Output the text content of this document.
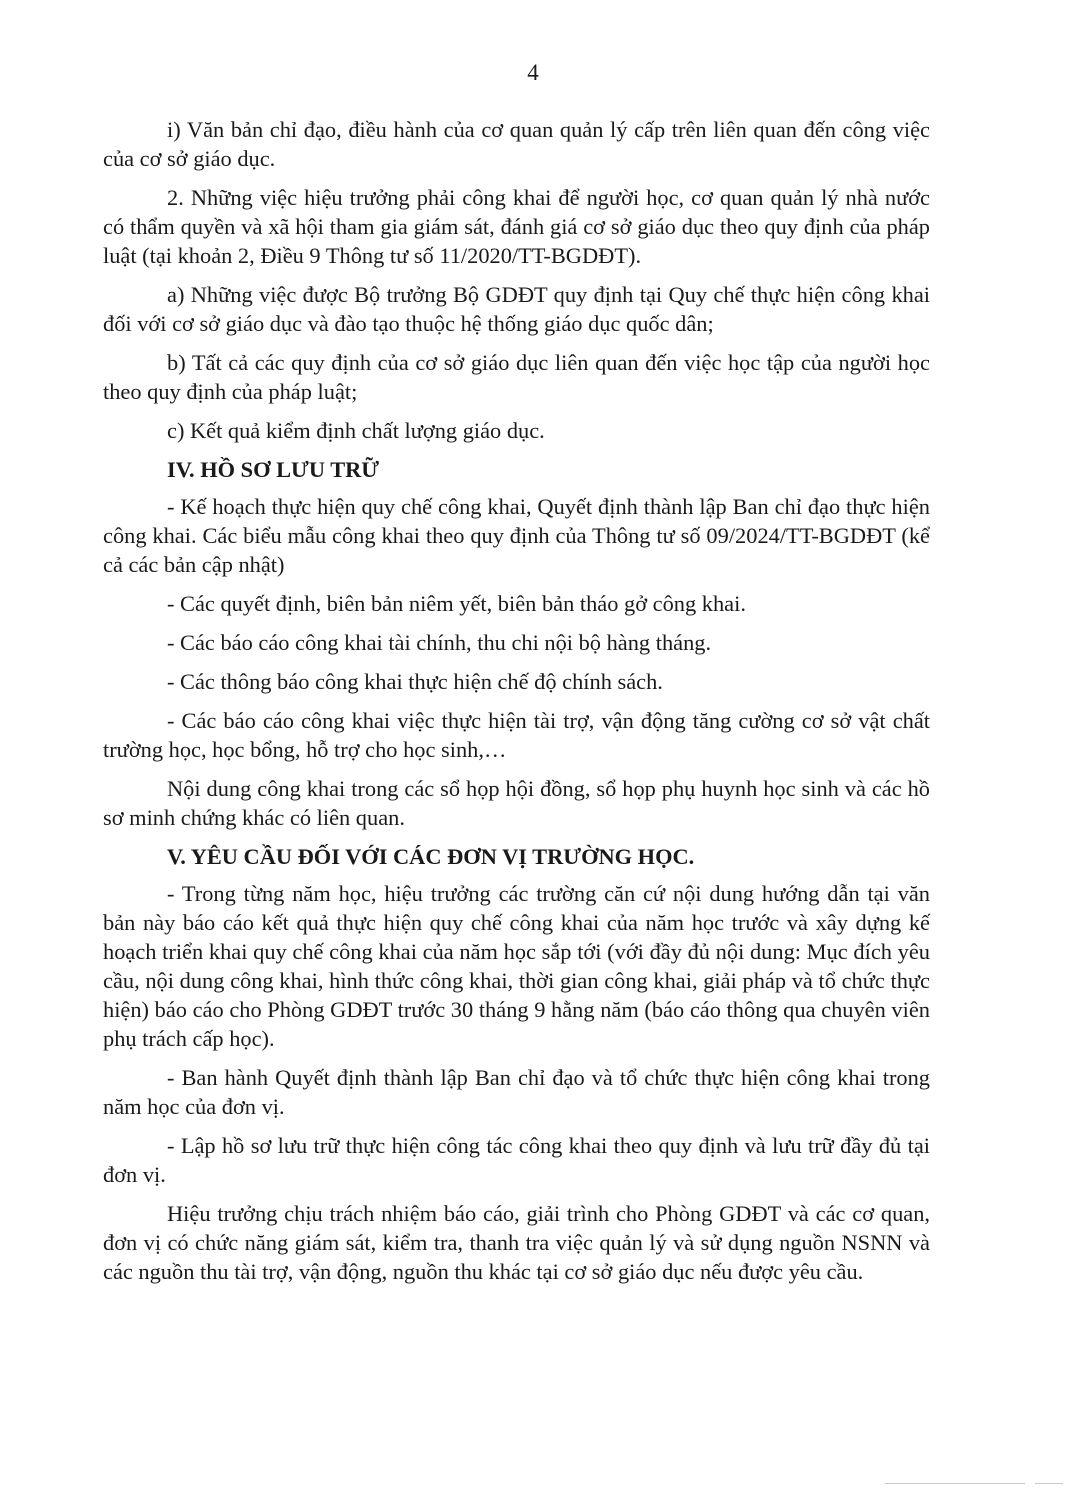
4

i) Văn bản chỉ đạo, điều hành của cơ quan quản lý cấp trên liên quan đến công việc của cơ sở giáo dục.

2. Những việc hiệu trưởng phải công khai để người học, cơ quan quản lý nhà nước có thẩm quyền và xã hội tham gia giám sát, đánh giá cơ sở giáo dục theo quy định của pháp luật (tại khoản 2, Điều 9 Thông tư số 11/2020/TT-BGDĐT).

a) Những việc được Bộ trưởng Bộ GDĐT quy định tại Quy chế thực hiện công khai đối với cơ sở giáo dục và đào tạo thuộc hệ thống giáo dục quốc dân;

b) Tất cả các quy định của cơ sở giáo dục liên quan đến việc học tập của người học theo quy định của pháp luật;

c) Kết quả kiểm định chất lượng giáo dục.

IV. HỒ SƠ LƯU TRỮ

- Kế hoạch thực hiện quy chế công khai, Quyết định thành lập Ban chỉ đạo thực hiện công khai. Các biểu mẫu công khai theo quy định của Thông tư số 09/2024/TT-BGDĐT (kể cả các bản cập nhật)

- Các quyết định, biên bản niêm yết, biên bản tháo gở công khai.

- Các báo cáo công khai tài chính, thu chi nội bộ hàng tháng.

- Các thông báo công khai thực hiện chế độ chính sách.

- Các báo cáo công khai việc thực hiện tài trợ, vận động tăng cường cơ sở vật chất trường học, học bổng, hỗ trợ cho học sinh,…

Nội dung công khai trong các sổ họp hội đồng, sổ họp phụ huynh học sinh và các hồ sơ minh chứng khác có liên quan.

V. YÊU CẦU ĐỐI VỚI CÁC ĐƠN VỊ TRƯỜNG HỌC.

- Trong từng năm học, hiệu trưởng các trường căn cứ nội dung hướng dẫn tại văn bản này báo cáo kết quả thực hiện quy chế công khai của năm học trước và xây dựng kế hoạch triển khai quy chế công khai của năm học sắp tới (với đầy đủ nội dung: Mục đích yêu cầu, nội dung công khai, hình thức công khai, thời gian công khai, giải pháp và tổ chức thực hiện) báo cáo cho Phòng GDĐT trước 30 tháng 9 hằng năm (báo cáo thông qua chuyên viên phụ trách cấp học).

- Ban hành Quyết định thành lập Ban chỉ đạo và tổ chức thực hiện công khai trong năm học của đơn vị.

- Lập hồ sơ lưu trữ thực hiện công tác công khai theo quy định và lưu trữ đầy đủ tại đơn vị.

Hiệu trưởng chịu trách nhiệm báo cáo, giải trình cho Phòng GDĐT và các cơ quan, đơn vị có chức năng giám sát, kiểm tra, thanh tra việc quản lý và sử dụng nguồn NSNN và các nguồn thu tài trợ, vận động, nguồn thu khác tại cơ sở giáo dục nếu được yêu cầu.
